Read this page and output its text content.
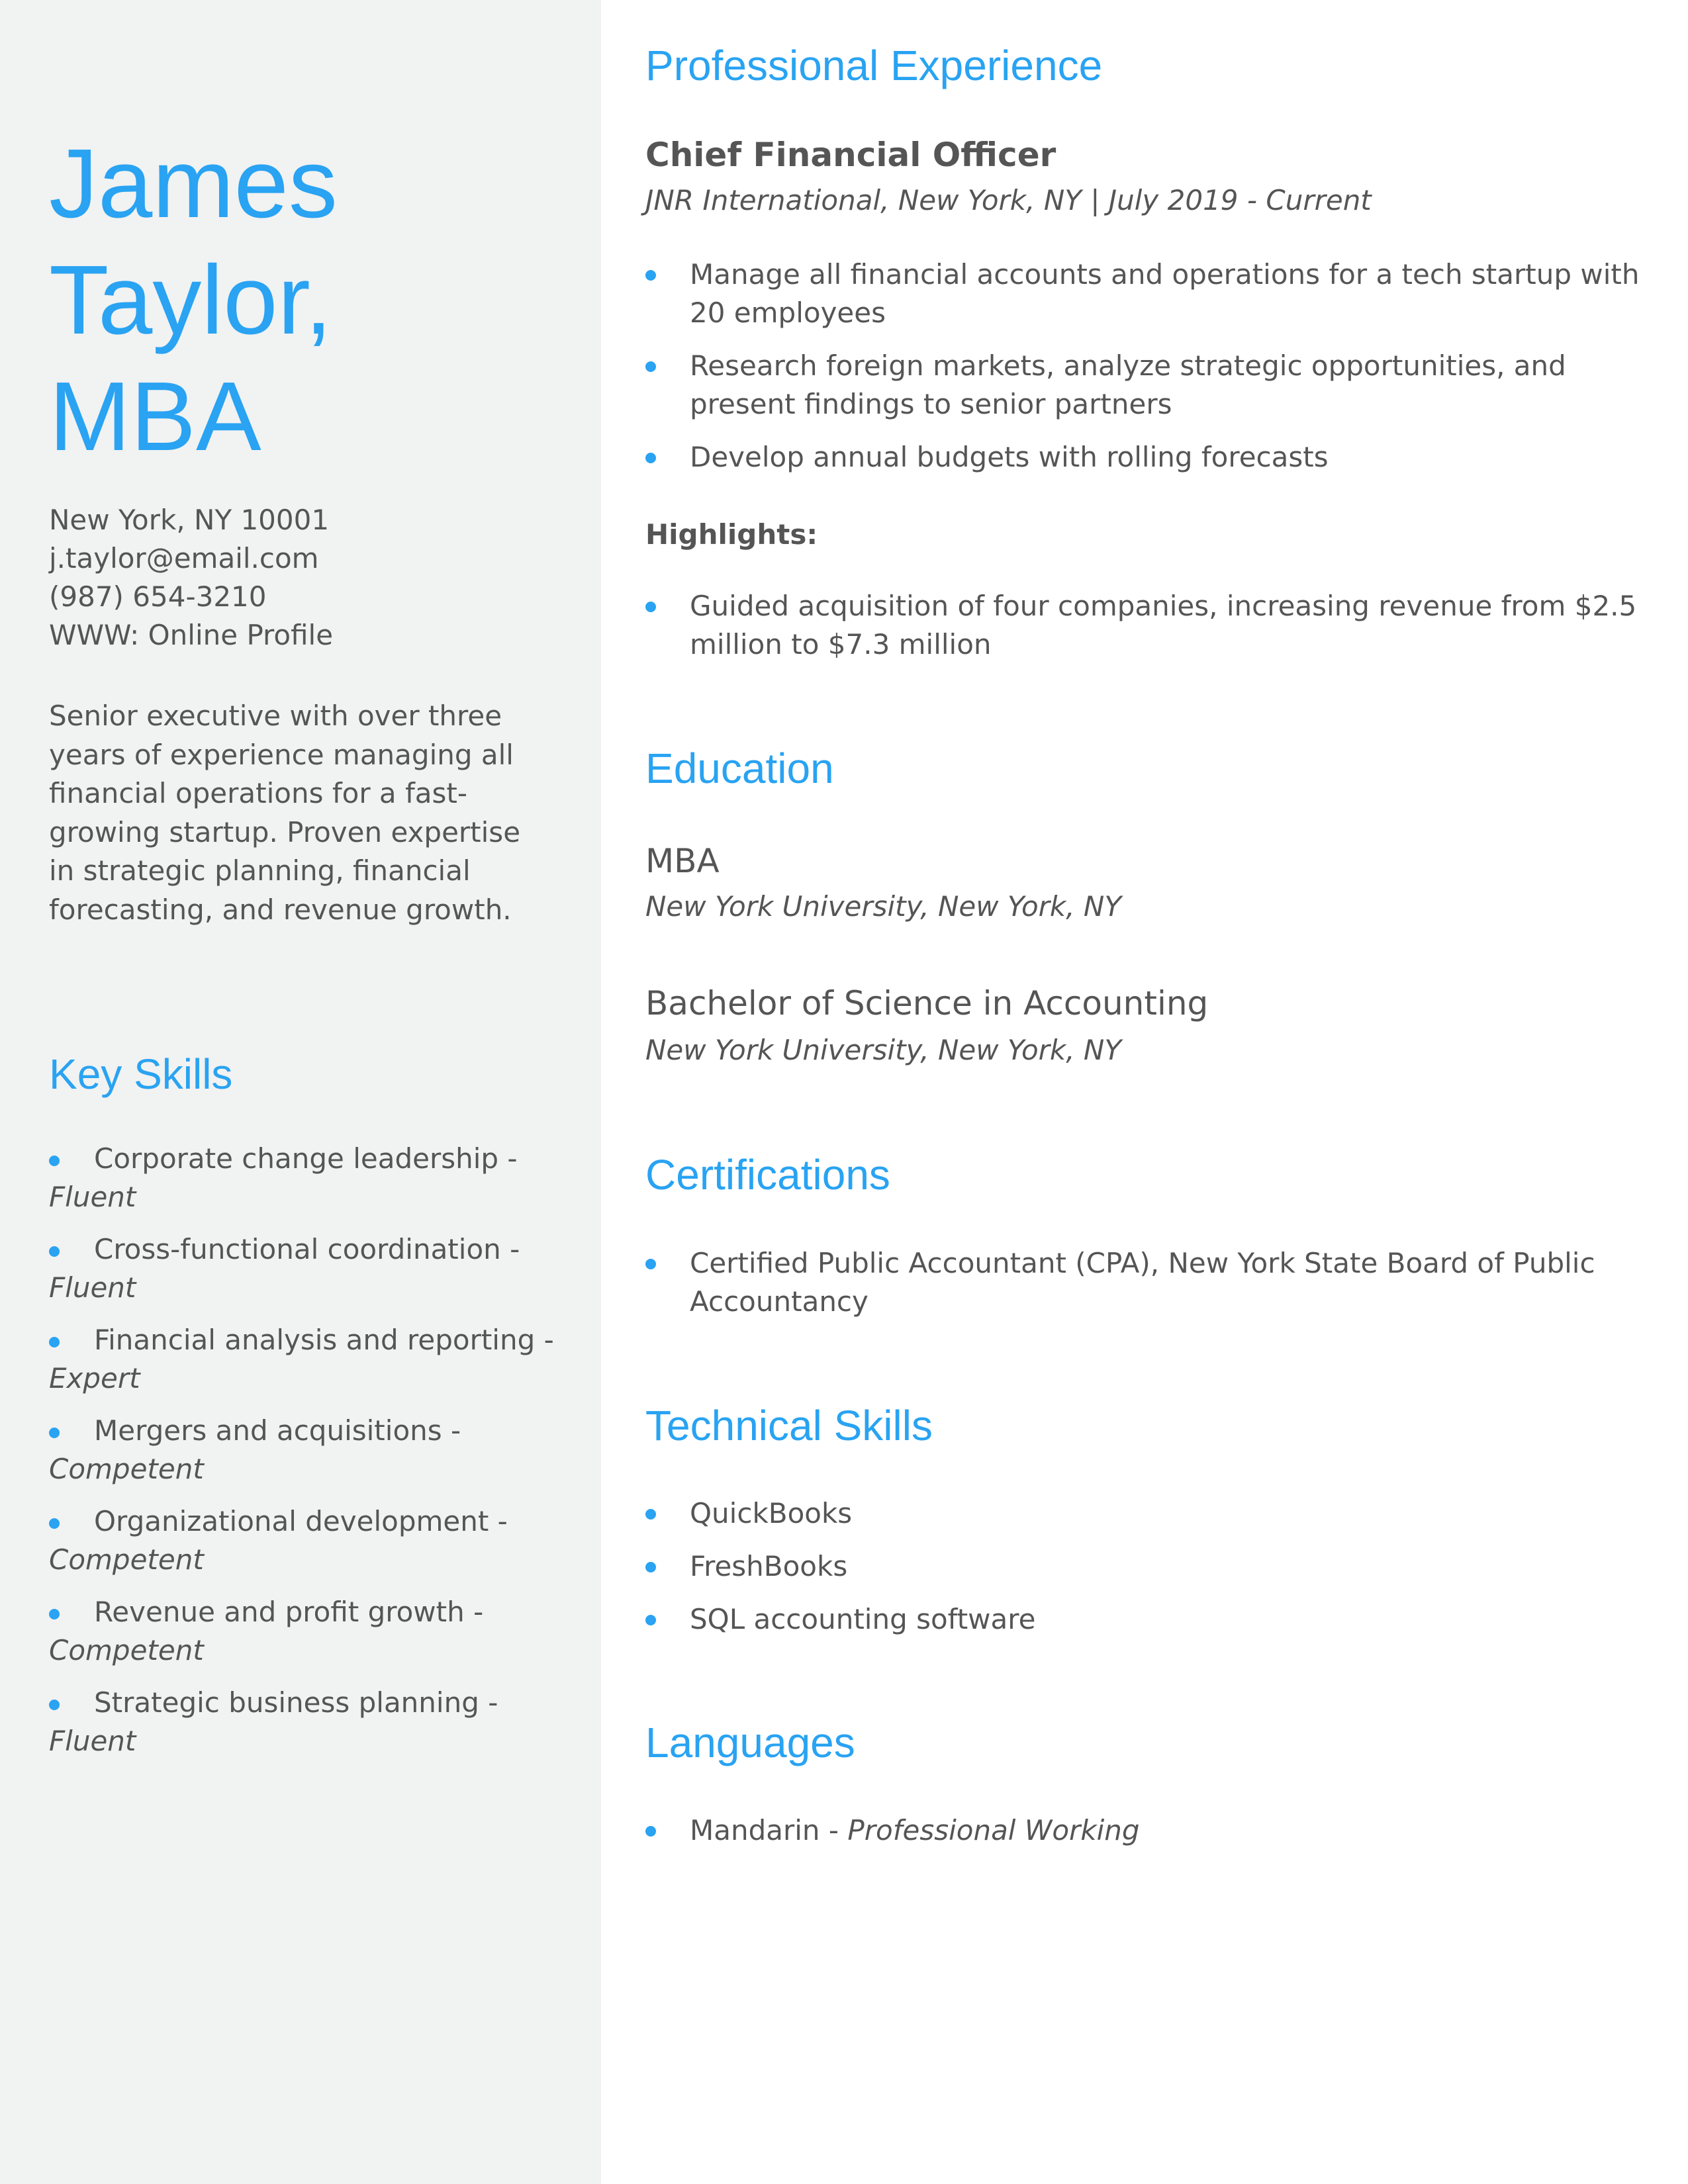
James
Taylor,
MBA
New York, NY 10001
j.taylor@email.com
(987) 654-3210
WWW: Online Profile
Senior executive with over three years of experience managing all financial operations for a fast-growing startup. Proven expertise in strategic planning, financial forecasting, and revenue growth.
Key Skills
Corporate change leadership -
Fluent
Cross-functional coordination -
Fluent
Financial analysis and reporting - Expert
Mergers and acquisitions -
Competent
Organizational development -
Competent
Revenue and profit growth -
Competent
Strategic business planning -
Fluent
Professional Experience
Chief Financial Officer
JNR International, New York, NY | July 2019 - Current
Manage all financial accounts and operations for a tech startup with 20 employees
Research foreign markets, analyze strategic opportunities, and present findings to senior partners
Develop annual budgets with rolling forecasts
Highlights:
Guided acquisition of four companies, increasing revenue from $2.5 million to $7.3 million
Education
MBA
New York University, New York, NY
Bachelor of Science in Accounting
New York University, New York, NY
Certifications
Certified Public Accountant (CPA), New York State Board of Public Accountancy
Technical Skills
QuickBooks
FreshBooks
SQL accounting software
Languages
Mandarin - Professional Working
